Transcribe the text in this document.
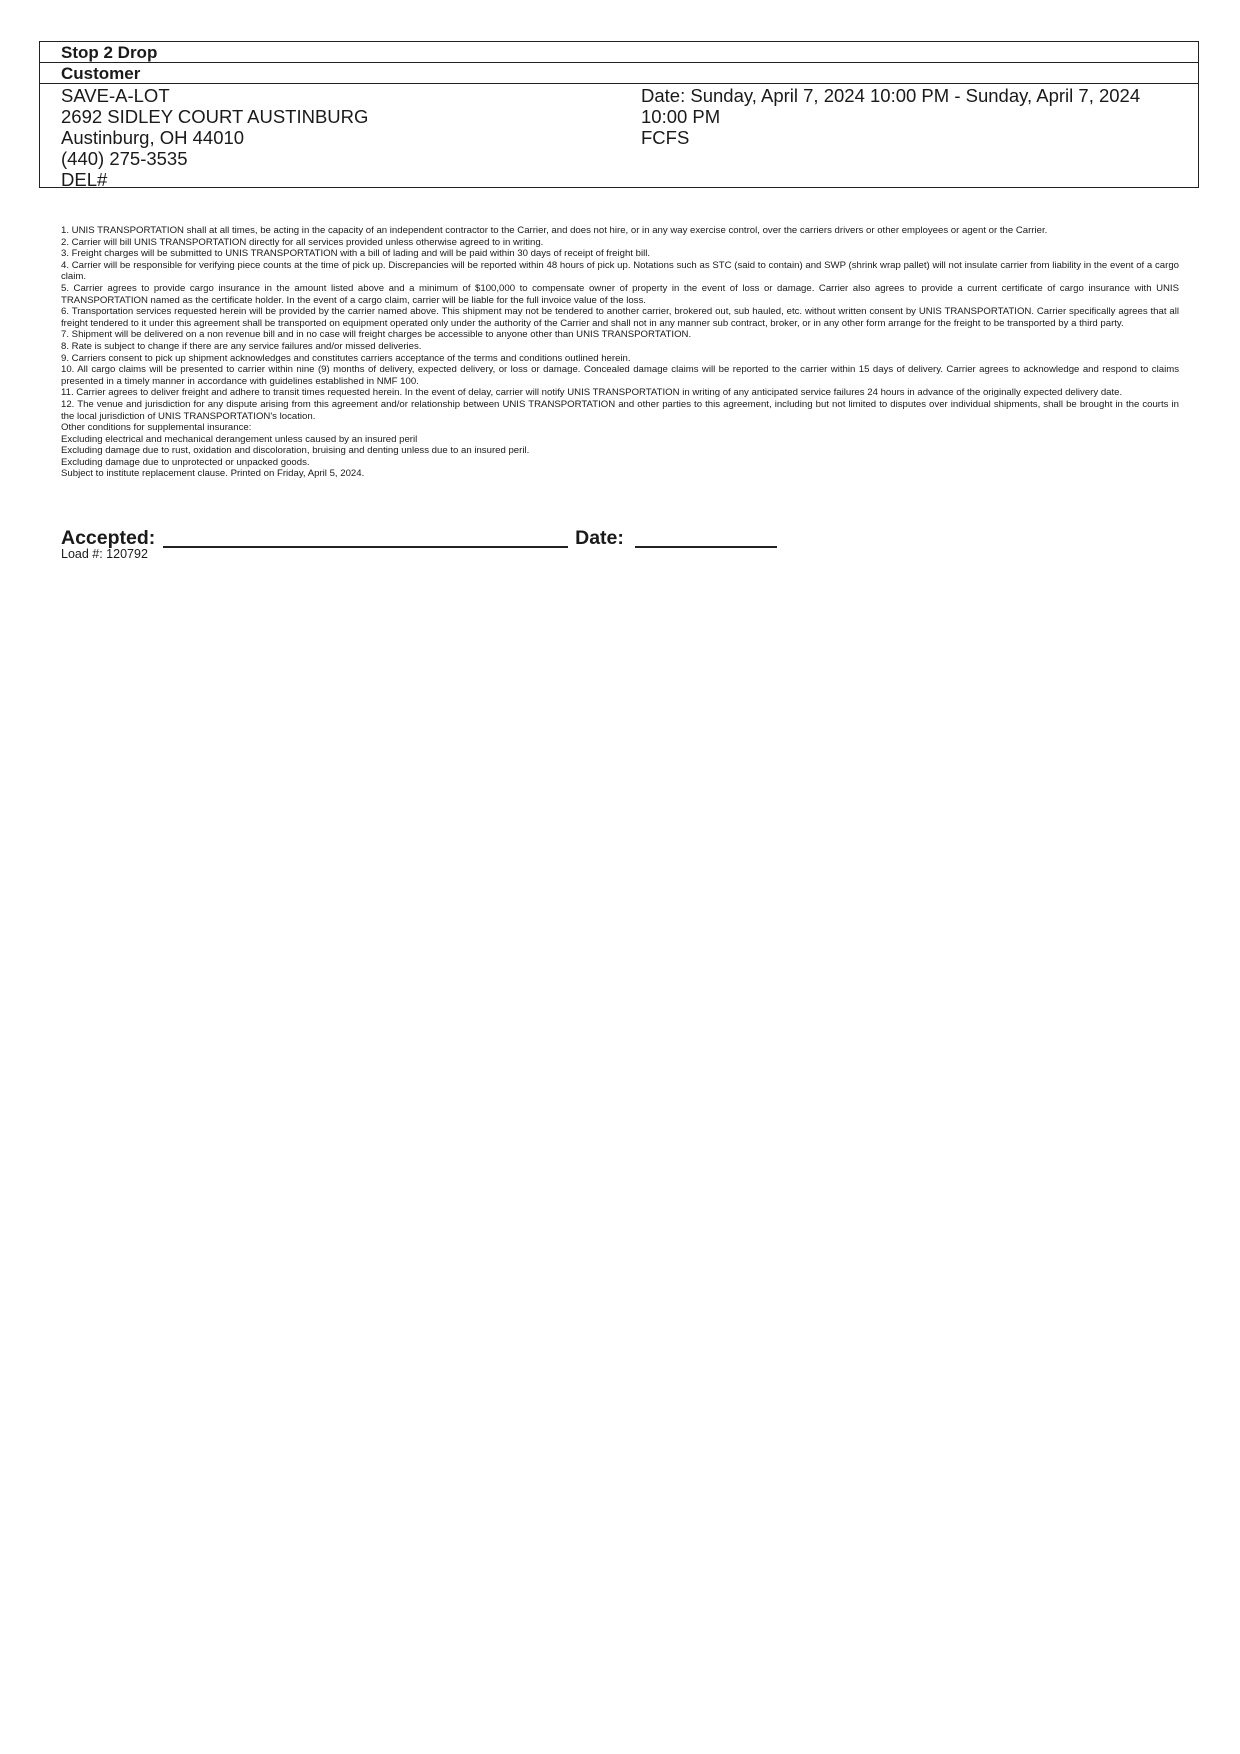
Stop 2 Drop
Customer
SAVE-A-LOT
2692 SIDLEY COURT AUSTINBURG
Austinburg, OH 44010
(440) 275-3535
DEL#
Date: Sunday, April 7, 2024 10:00 PM - Sunday, April 7, 2024
10:00 PM
FCFS

1. UNIS TRANSPORTATION shall at all times, be acting in the capacity of an independent contractor to the Carrier, and does not hire, or in any way exercise control, over the carriers drivers or other employees or agent or the Carrier.

2. Carrier will bill UNIS TRANSPORTATION directly for all services provided unless otherwise agreed to in writing.

3. Freight charges will be submitted to UNIS TRANSPORTATION with a bill of lading and will be paid within 30 days of receipt of freight bill.

4. Carrier will be responsible for verifying piece counts at the time of pick up. Discrepancies will be reported within 48 hours of pick up. Notations such as STC (said to contain) and SWP (shrink wrap pallet) will not insulate carrier from liability in the event of a cargo claim.

5. Carrier agrees to provide cargo insurance in the amount listed above and a minimum of $100,000 to compensate owner of property in the event of loss or damage. Carrier also agrees to provide a current certificate of cargo insurance with UNIS TRANSPORTATION named as the certificate holder. In the event of a cargo claim, carrier will be liable for the full invoice value of the loss.

6. Transportation services requested herein will be provided by the carrier named above. This shipment may not be tendered to another carrier, brokered out, sub hauled, etc. without written consent by UNIS TRANSPORTATION. Carrier specifically agrees that all freight tendered to it under this agreement shall be transported on equipment operated only under the authority of the Carrier and shall not in any manner sub contract, broker, or in any other form arrange for the freight to be transported by a third party.

7. Shipment will be delivered on a non revenue bill and in no case will freight charges be accessible to anyone other than UNIS TRANSPORTATION.

8. Rate is subject to change if there are any service failures and/or missed deliveries.

9. Carriers consent to pick up shipment acknowledges and constitutes carriers acceptance of the terms and conditions outlined herein.

10. All cargo claims will be presented to carrier within nine (9) months of delivery, expected delivery, or loss or damage. Concealed damage claims will be reported to the carrier within 15 days of delivery. Carrier agrees to acknowledge and respond to claims presented in a timely manner in accordance with guidelines established in NMF 100.

11. Carrier agrees to deliver freight and adhere to transit times requested herein. In the event of delay, carrier will notify UNIS TRANSPORTATION in writing of any anticipated service failures 24 hours in advance of the originally expected delivery date.

12. The venue and jurisdiction for any dispute arising from this agreement and/or relationship between UNIS TRANSPORTATION and other parties to this agreement, including but not limited to disputes over individual shipments, shall be brought in the courts in the local jurisdiction of UNIS TRANSPORTATION's location.

Other conditions for supplemental insurance:

Excluding electrical and mechanical derangement unless caused by an insured peril

Excluding damage due to rust, oxidation and discoloration, bruising and denting unless due to an insured peril.

Excluding damage due to unprotected or unpacked goods.

Subject to institute replacement clause. Printed on Friday, April 5, 2024.

Accepted:	Date:
Load #: 120792
